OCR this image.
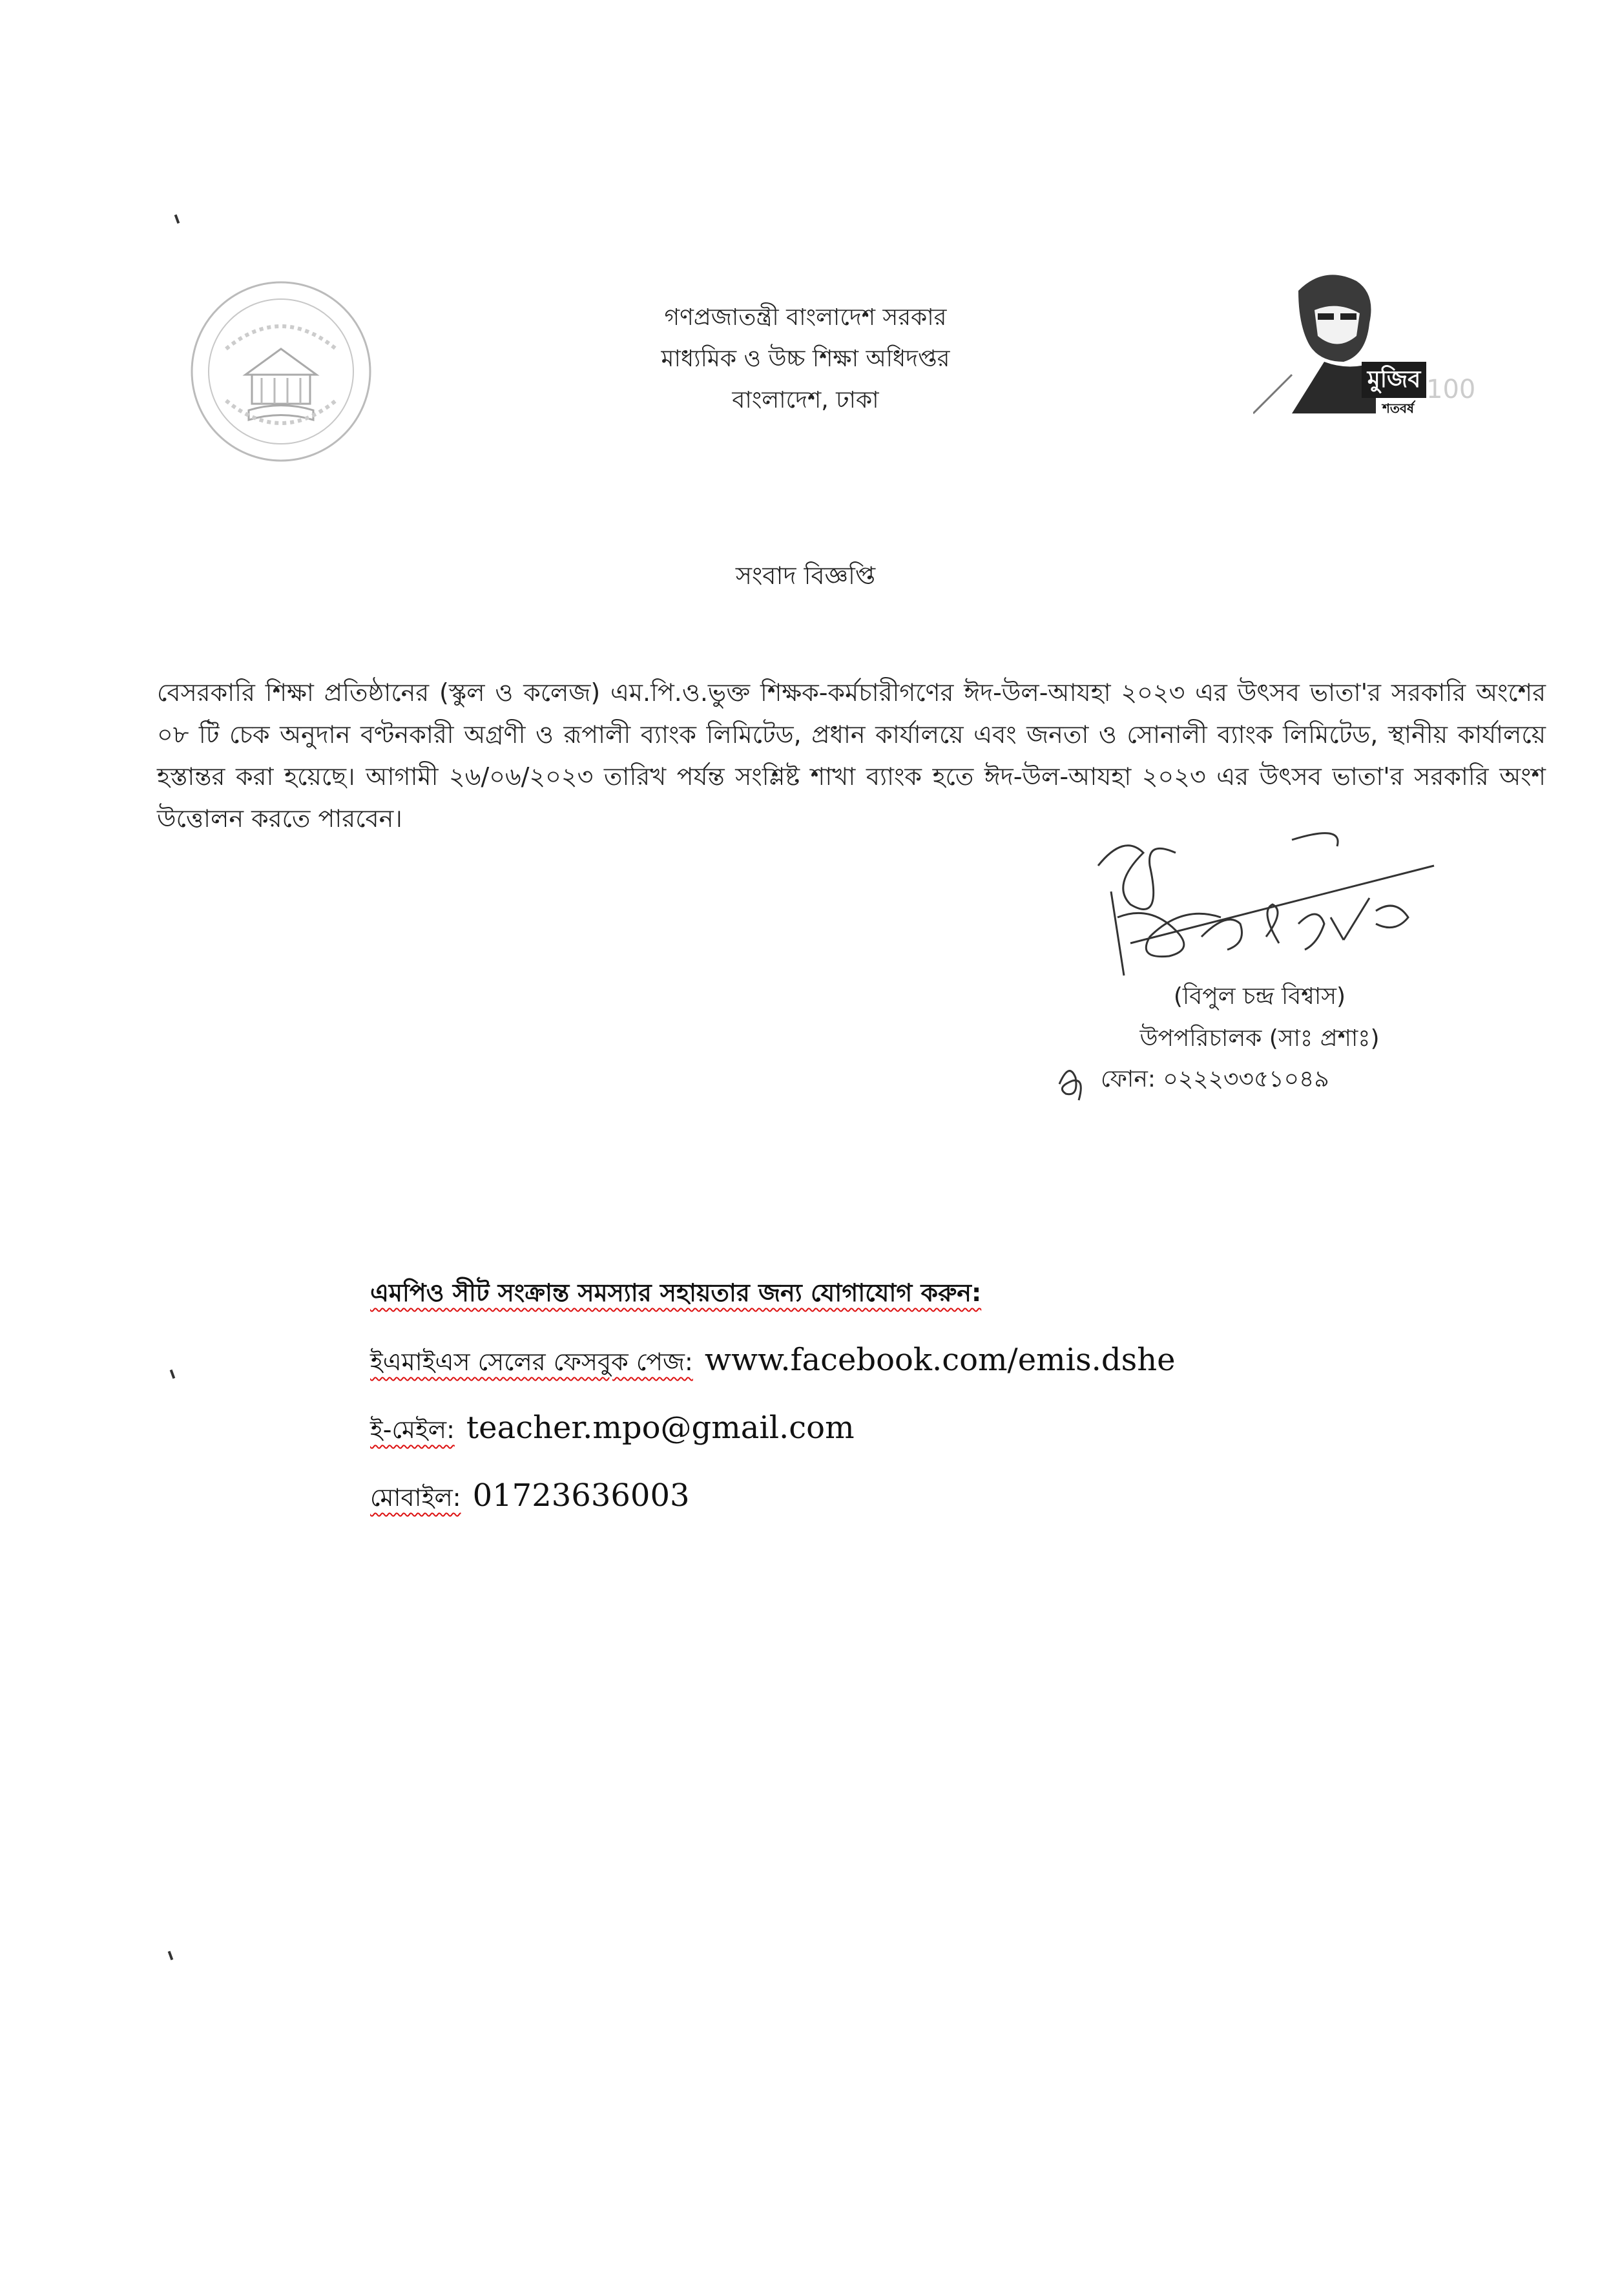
গণপ্রজাতন্ত্রী বাংলাদেশ সরকার
মাধ্যমিক ও উচ্চ শিক্ষা অধিদপ্তর
বাংলাদেশ, ঢাকা
মুজিব
শতবর্ষ
100
সংবাদ বিজ্ঞপ্তি
বেসরকারি শিক্ষা প্রতিষ্ঠানের (স্কুল ও কলেজ) এম.পি.ও.ভুক্ত শিক্ষক-কর্মচারীগণের ঈদ-উল-আযহা ২০২৩ এর উৎসব ভাতা'র সরকারি অংশের ০৮ টি চেক অনুদান বণ্টনকারী অগ্রণী ও রূপালী ব্যাংক লিমিটেড, প্রধান কার্যালয়ে এবং জনতা ও সোনালী ব্যাংক লিমিটেড, স্থানীয় কার্যালয়ে হস্তান্তর করা হয়েছে। আগামী ২৬/০৬/২০২৩ তারিখ পর্যন্ত সংশ্লিষ্ট শাখা ব্যাংক হতে ঈদ-উল-আযহা ২০২৩ এর উৎসব ভাতা'র সরকারি অংশ উত্তোলন করতে পারবেন।
(বিপুল চন্দ্র বিশ্বাস)
উপপরিচালক (সাঃ প্রশাঃ)
ফোন: ০২২২৩৩৫১০৪৯
এমপিও সীট সংক্রান্ত সমস্যার সহায়তার জন্য যোগাযোগ করুন:
ইএমাইএস সেলের ফেসবুক পেজ: www.facebook.com/emis.dshe
ই-মেইল: teacher.mpo@gmail.com
মোবাইল: 01723636003
